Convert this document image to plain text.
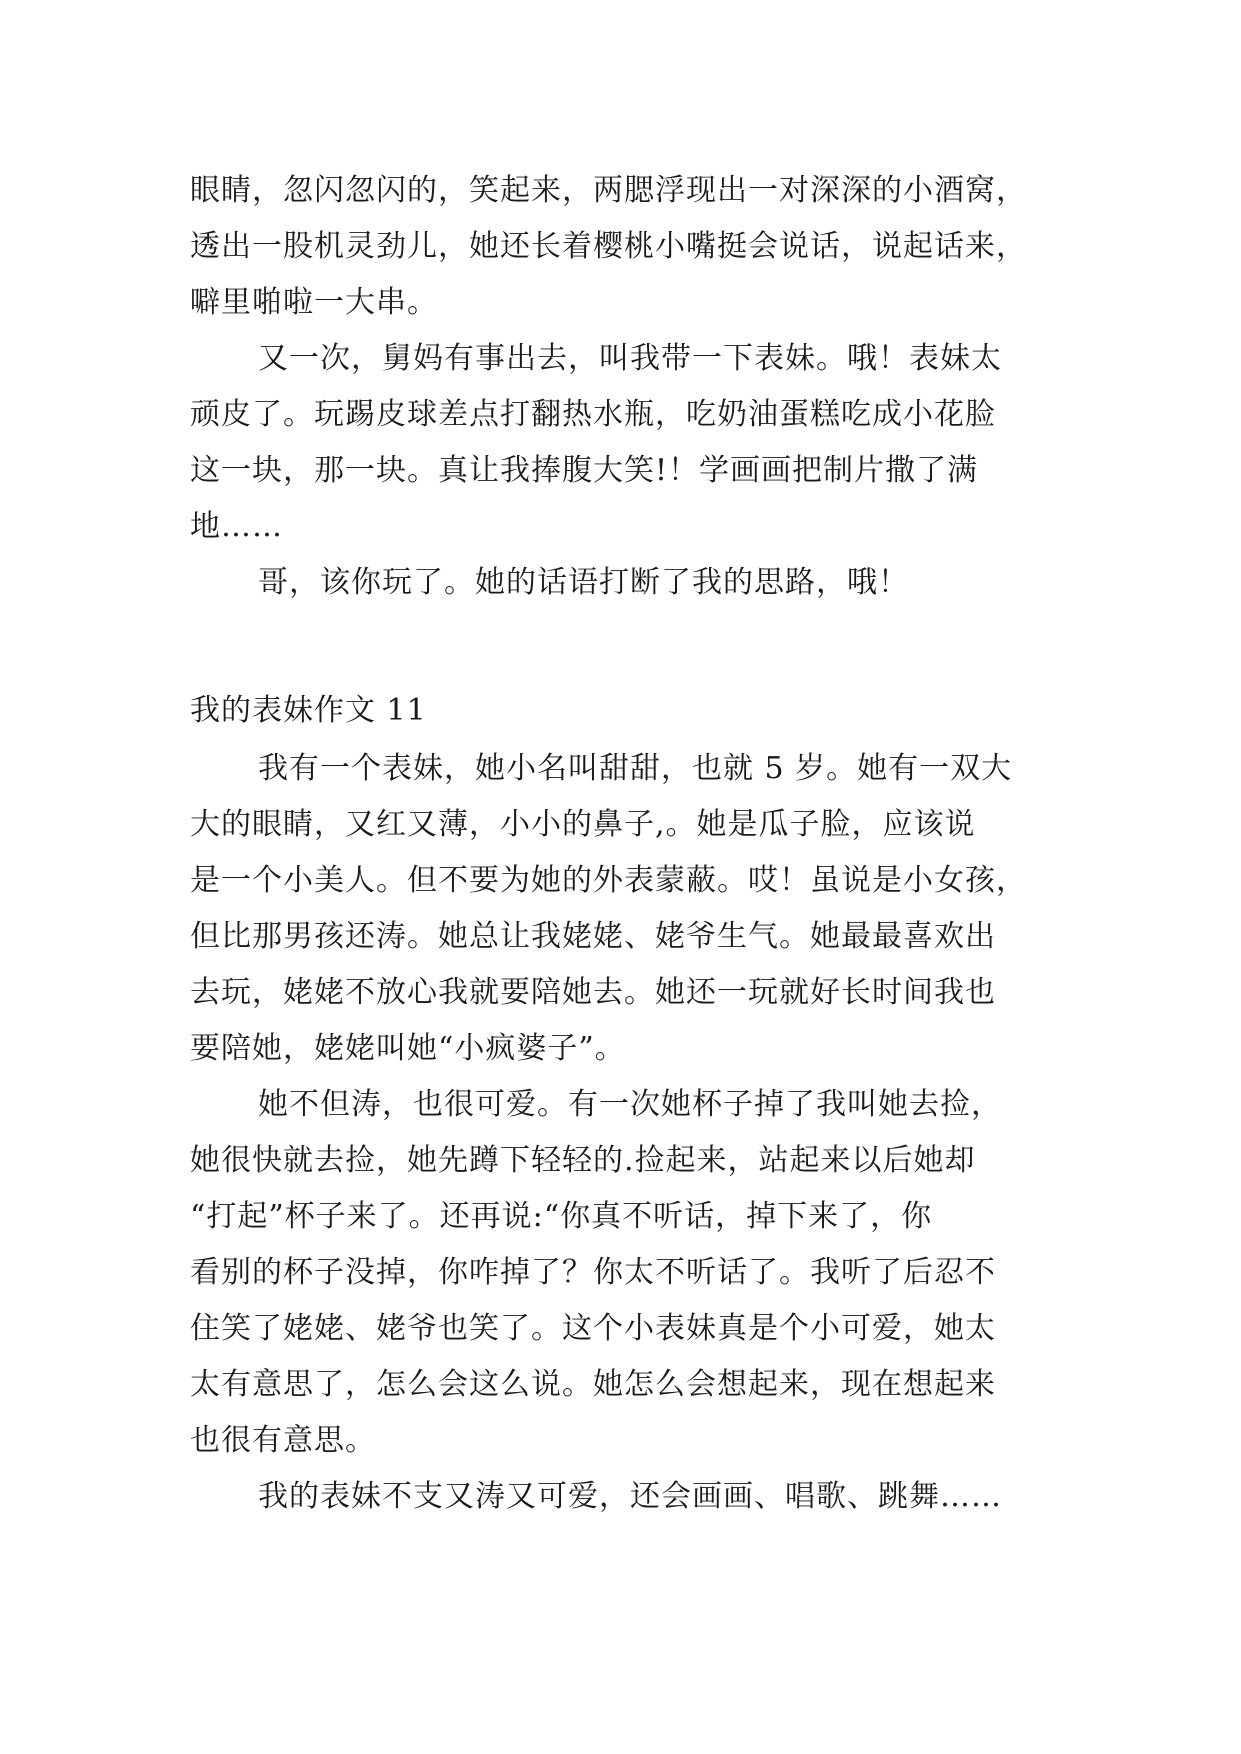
眼睛，忽闪忽闪的，笑起来，两腮浮现出一对深深的小酒窝，
透出一股机灵劲儿，她还长着樱桃小嘴挺会说话，说起话来，
噼里啪啦一大串。
又一次，舅妈有事出去，叫我带一下表妹。哦！表妹太
顽皮了。玩踢皮球差点打翻热水瓶，吃奶油蛋糕吃成小花脸
这一块，那一块。真让我捧腹大笑!！学画画把制片撒了满
地……
哥，该你玩了。她的话语打断了我的思路，哦！
我的表妹作文 11
我有一个表妹，她小名叫甜甜，也就 5 岁。她有一双大
大的眼睛，又红又薄，小小的鼻子,。她是瓜子脸，应该说
是一个小美人。但不要为她的外表蒙蔽。哎！虽说是小女孩，
但比那男孩还涛。她总让我姥姥、姥爷生气。她最最喜欢出
去玩，姥姥不放心我就要陪她去。她还一玩就好长时间我也
要陪她，姥姥叫她“小疯婆子”。
她不但涛，也很可爱。有一次她杯子掉了我叫她去捡，
她很快就去捡，她先蹲下轻轻的.捡起来，站起来以后她却
“打起”杯子来了。还再说:“你真不听话，掉下来了，你
看别的杯子没掉，你咋掉了？你太不听话了。我听了后忍不
住笑了姥姥、姥爷也笑了。这个小表妹真是个小可爱，她太
太有意思了，怎么会这么说。她怎么会想起来，现在想起来
也很有意思。
我的表妹不支又涛又可爱，还会画画、唱歌、跳舞……
